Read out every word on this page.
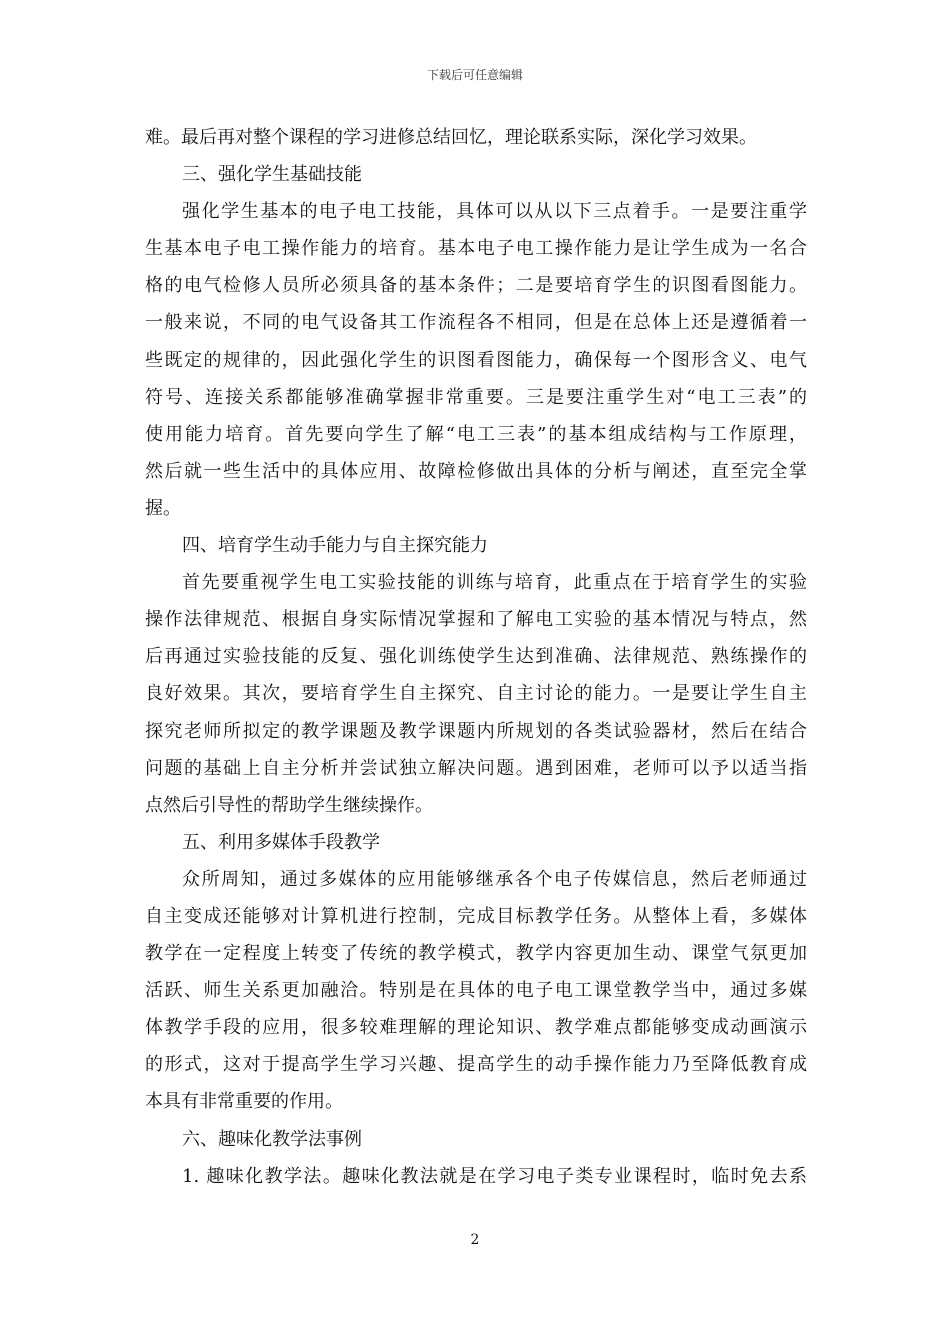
下载后可任意编辑
难。最后再对整个课程的学习进修总结回忆，理论联系实际，深化学习效果。
三、强化学生基础技能
强化学生基本的电子电工技能，具体可以从以下三点着手。一是要注重学
生基本电子电工操作能力的培育。基本电子电工操作能力是让学生成为一名合
格的电气检修人员所必须具备的基本条件；二是要培育学生的识图看图能力。
一般来说，不同的电气设备其工作流程各不相同，但是在总体上还是遵循着一
些既定的规律的，因此强化学生的识图看图能力，确保每一个图形含义、电气
符号、连接关系都能够准确掌握非常重要。三是要注重学生对“电工三表”的
使用能力培育。首先要向学生了解“电工三表”的基本组成结构与工作原理，
然后就一些生活中的具体应用、故障检修做出具体的分析与阐述，直至完全掌
握。
四、培育学生动手能力与自主探究能力
首先要重视学生电工实验技能的训练与培育，此重点在于培育学生的实验
操作法律规范、根据自身实际情况掌握和了解电工实验的基本情况与特点，然
后再通过实验技能的反复、强化训练使学生达到准确、法律规范、熟练操作的
良好效果。其次，要培育学生自主探究、自主讨论的能力。一是要让学生自主
探究老师所拟定的教学课题及教学课题内所规划的各类试验器材，然后在结合
问题的基础上自主分析并尝试独立解决问题。遇到困难，老师可以予以适当指
点然后引导性的帮助学生继续操作。
五、利用多媒体手段教学
众所周知，通过多媒体的应用能够继承各个电子传媒信息，然后老师通过
自主变成还能够对计算机进行控制，完成目标教学任务。从整体上看，多媒体
教学在一定程度上转变了传统的教学模式，教学内容更加生动、课堂气氛更加
活跃、师生关系更加融洽。特别是在具体的电子电工课堂教学当中，通过多媒
体教学手段的应用，很多较难理解的理论知识、教学难点都能够变成动画演示
的形式，这对于提高学生学习兴趣、提高学生的动手操作能力乃至降低教育成
本具有非常重要的作用。
六、趣味化教学法事例
1. 趣味化教学法。趣味化教法就是在学习电子类专业课程时，临时免去系
2
